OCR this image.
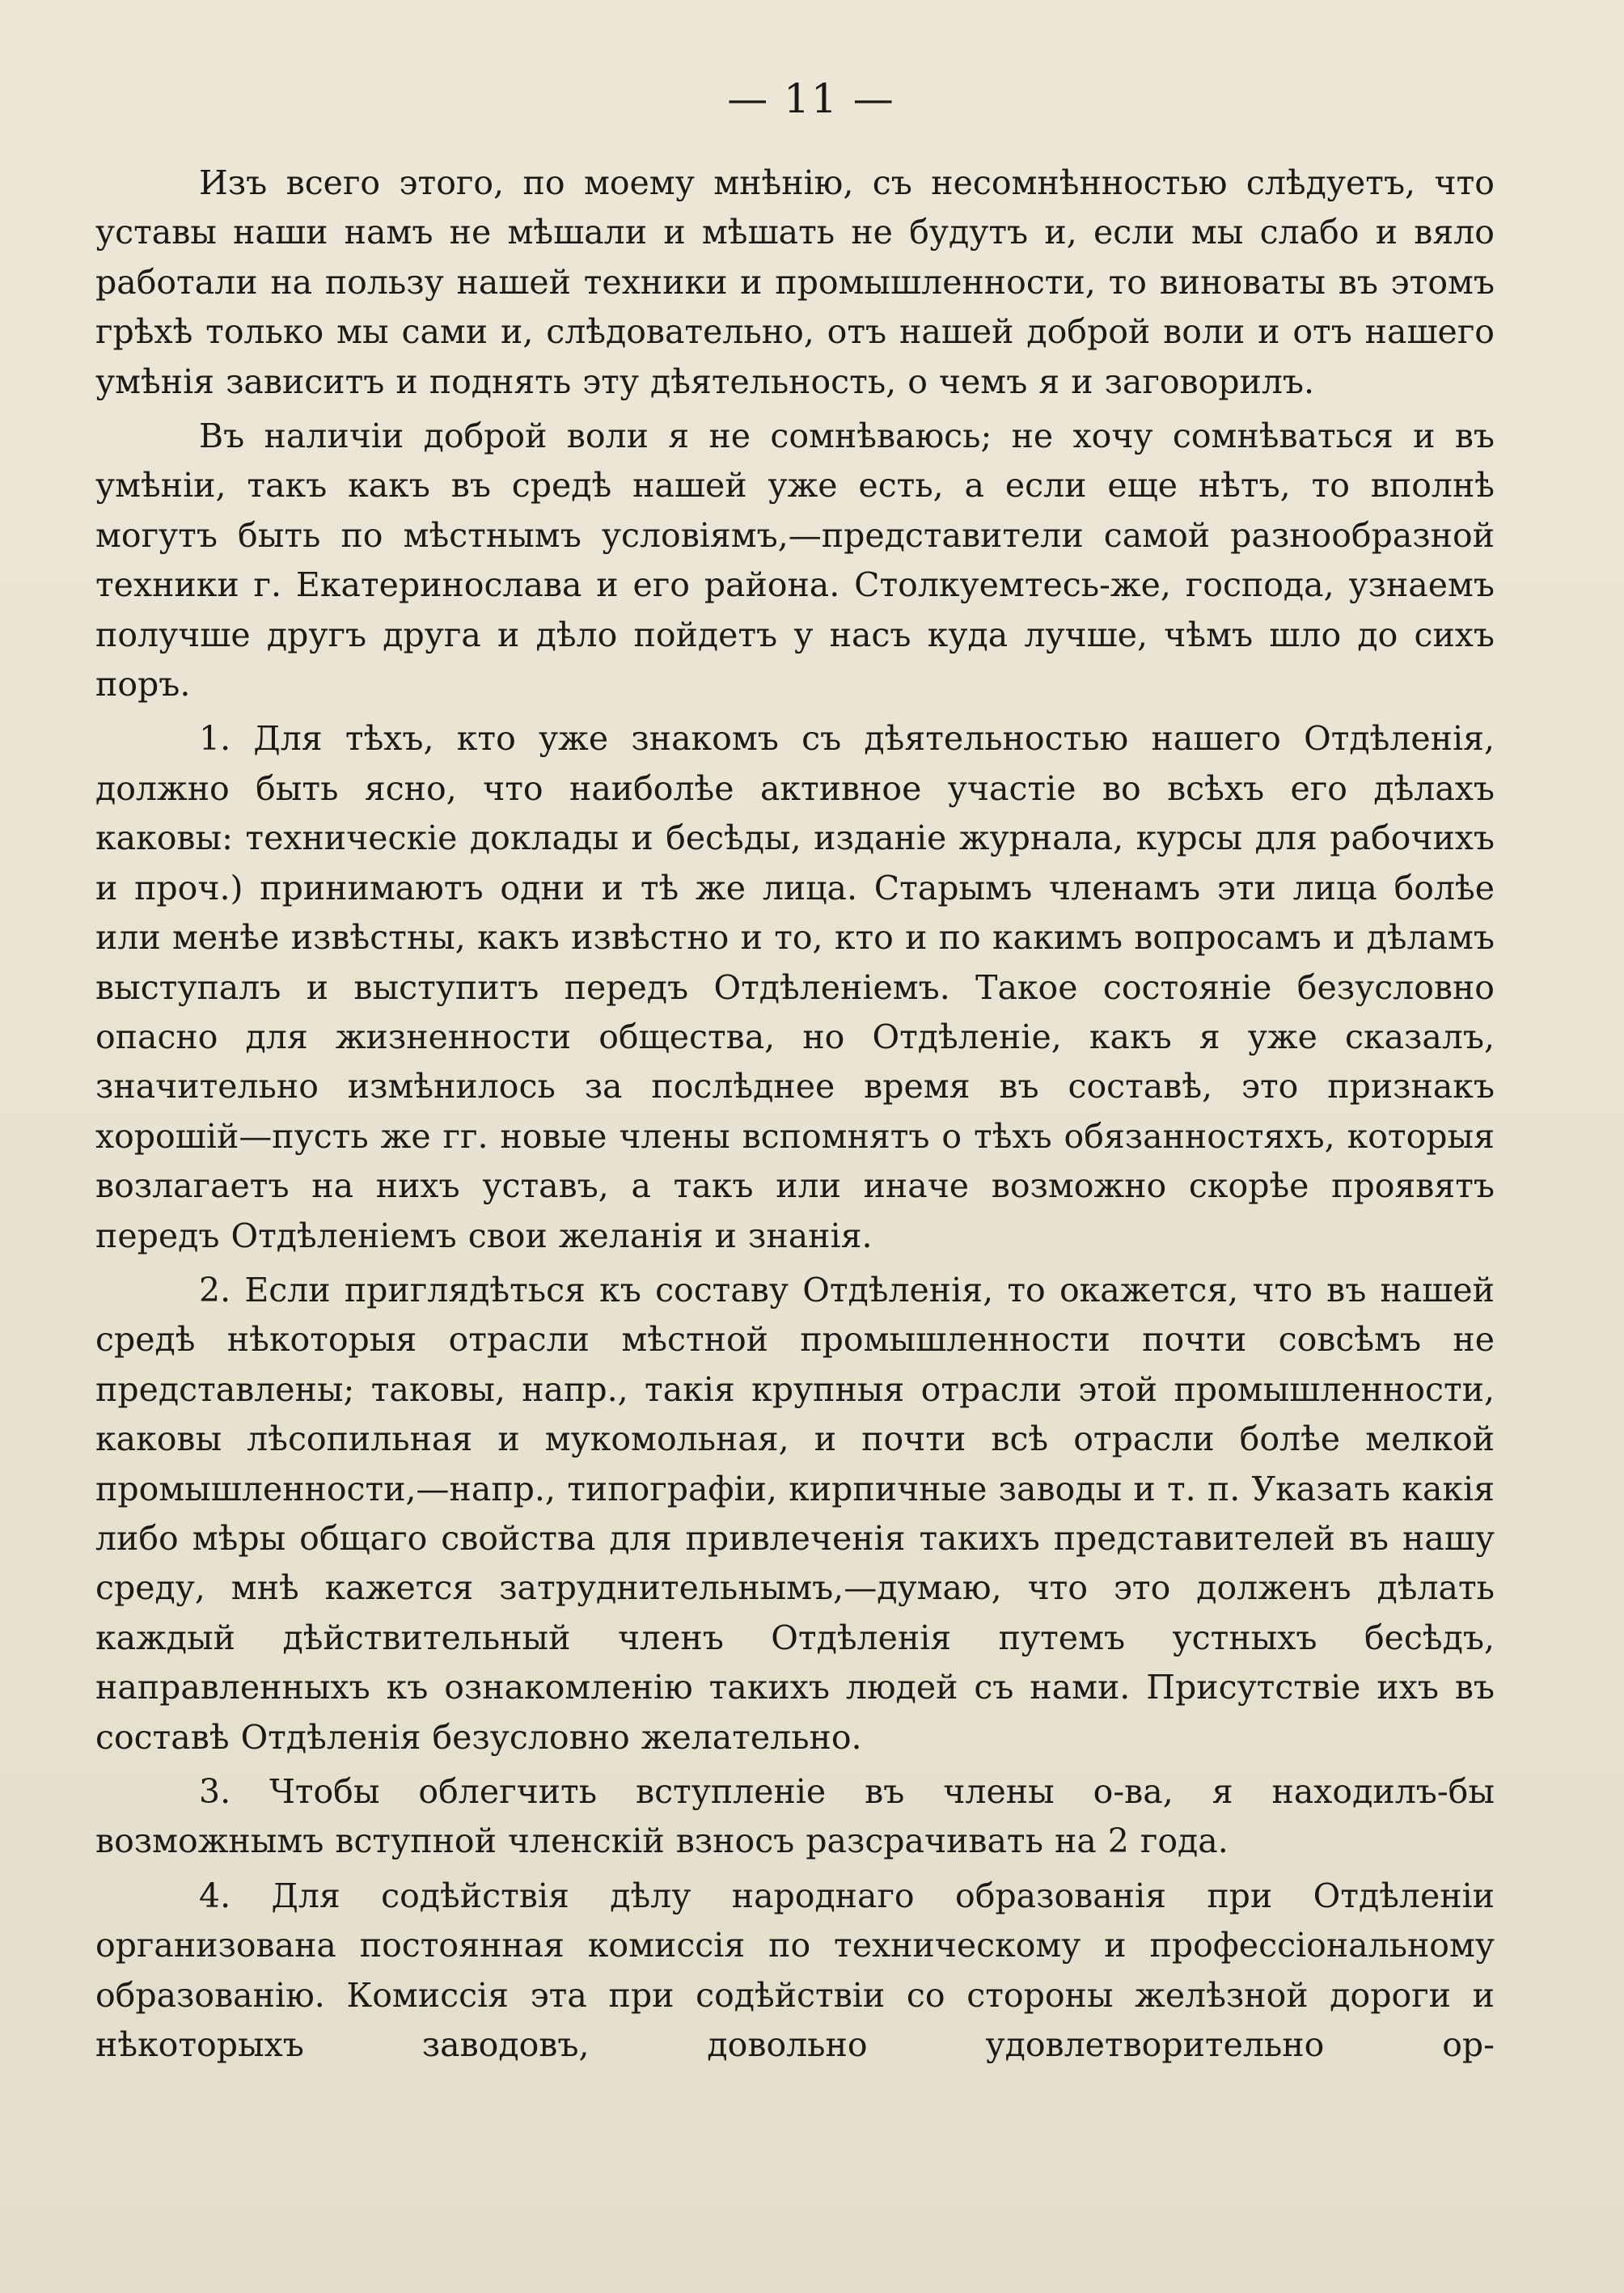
— 11 —

Изъ всего этого, по моему мнѣнію, съ несомнѣнностью слѣдуетъ, что уставы наши намъ не мѣшали и мѣшать не будутъ и, если мы слабо и вяло работали на пользу нашей техники и промышленности, то виноваты въ этомъ грѣхѣ только мы сами и, слѣдовательно, отъ нашей доброй воли и отъ нашего умѣнія зависитъ и поднять эту дѣятельность, о чемъ я и заговорилъ.

Въ наличіи доброй воли я не сомнѣваюсь; не хочу сомнѣваться и въ умѣніи, такъ какъ въ средѣ нашей уже есть, а если еще нѣтъ, то вполнѣ могутъ быть по мѣстнымъ условіямъ,—представители самой разнообразной техники г. Екатеринослава и его района. Столкуемтесь-же, господа, узнаемъ получше другъ друга и дѣло пойдетъ у насъ куда лучше, чѣмъ шло до сихъ поръ.

1. Для тѣхъ, кто уже знакомъ съ дѣятельностью нашего Отдѣленія, должно быть ясно, что наиболѣе активное участіе во всѣхъ его дѣлахъ каковы: техническіе доклады и бесѣды, изданіе журнала, курсы для рабочихъ и проч.) принимаютъ одни и тѣ же лица. Старымъ членамъ эти лица болѣе или менѣе извѣстны, какъ извѣстно и то, кто и по какимъ вопросамъ и дѣламъ выступалъ и выступитъ передъ Отдѣленіемъ. Такое состояніе безусловно опасно для жизненности общества, но Отдѣленіе, какъ я уже сказалъ, значительно измѣнилось за послѣднее время въ составѣ, это признакъ хорошій—пусть же гг. новые члены вспомнятъ о тѣхъ обязанностяхъ, которыя возлагаетъ на нихъ уставъ, а такъ или иначе возможно скорѣе проявятъ передъ Отдѣленіемъ свои желанія и знанія.

2. Если приглядѣться къ составу Отдѣленія, то окажется, что въ нашей средѣ нѣкоторыя отрасли мѣстной промышленности почти совсѣмъ не представлены; таковы, напр., такія крупныя отрасли этой промышленности, каковы лѣсопильная и мукомольная, и почти всѣ отрасли болѣе мелкой промышленности,—напр., типографіи, кирпичные заводы и т. п. Указать какія либо мѣры общаго свойства для привлеченія такихъ представителей въ нашу среду, мнѣ кажется затруднительнымъ,—думаю, что это долженъ дѣлать каждый дѣйствительный членъ Отдѣленія путемъ устныхъ бесѣдъ, направленныхъ къ ознакомленію такихъ людей съ нами. Присутствіе ихъ въ составѣ Отдѣленія безусловно желательно.

3. Чтобы облегчить вступленіе въ члены о-ва, я находилъ-бы возможнымъ вступной членскій взносъ разсрачивать на 2 года.

4. Для содѣйствія дѣлу народнаго образованія при Отдѣленіи организована постоянная комиссія по техническому и профессіональному образованію. Комиссія эта при содѣйствіи со стороны желѣзной дороги и нѣкоторыхъ заводовъ, довольно удовлетворительно ор-
